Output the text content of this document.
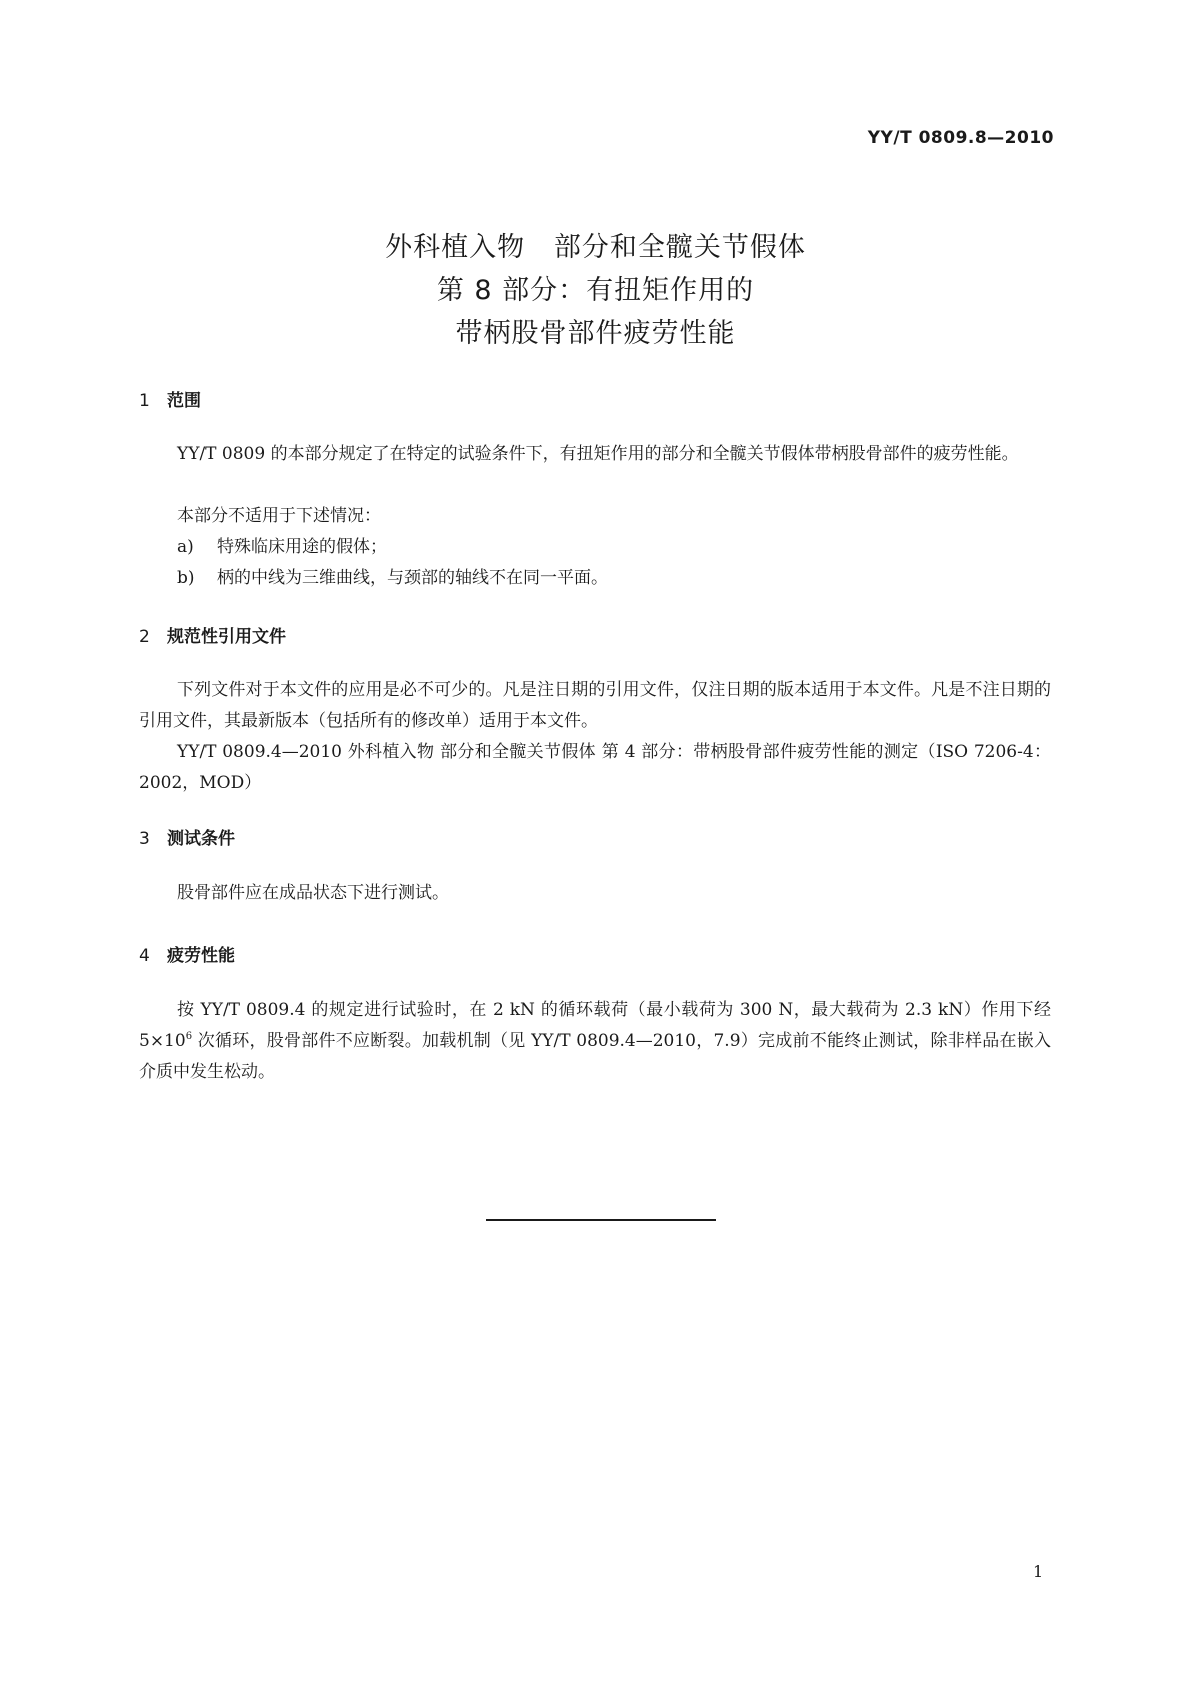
YY/T 0809.8—2010
外科植入物   部分和全髋关节假体
第 8 部分：有扭矩作用的
带柄股骨部件疲劳性能
1 范围
YY/T 0809 的本部分规定了在特定的试验条件下，有扭矩作用的部分和全髋关节假体带柄股骨部件的疲劳性能。
本部分不适用于下述情况：
a) 特殊临床用途的假体；
b) 柄的中线为三维曲线，与颈部的轴线不在同一平面。
2 规范性引用文件
下列文件对于本文件的应用是必不可少的。凡是注日期的引用文件，仅注日期的版本适用于本文件。凡是不注日期的引用文件，其最新版本（包括所有的修改单）适用于本文件。
YY/T 0809.4—2010 外科植入物 部分和全髋关节假体 第 4 部分：带柄股骨部件疲劳性能的测定（ISO 7206-4：2002，MOD）
3 测试条件
股骨部件应在成品状态下进行测试。
4 疲劳性能
按 YY/T 0809.4 的规定进行试验时，在 2 kN 的循环载荷（最小载荷为 300 N，最大载荷为 2.3 kN）作用下经 $5\times 10^6$ 次循环，股骨部件不应断裂。加载机制（见 YY/T 0809.4—2010，7.9）完成前不能终止测试，除非样品在嵌入介质中发生松动。
1
